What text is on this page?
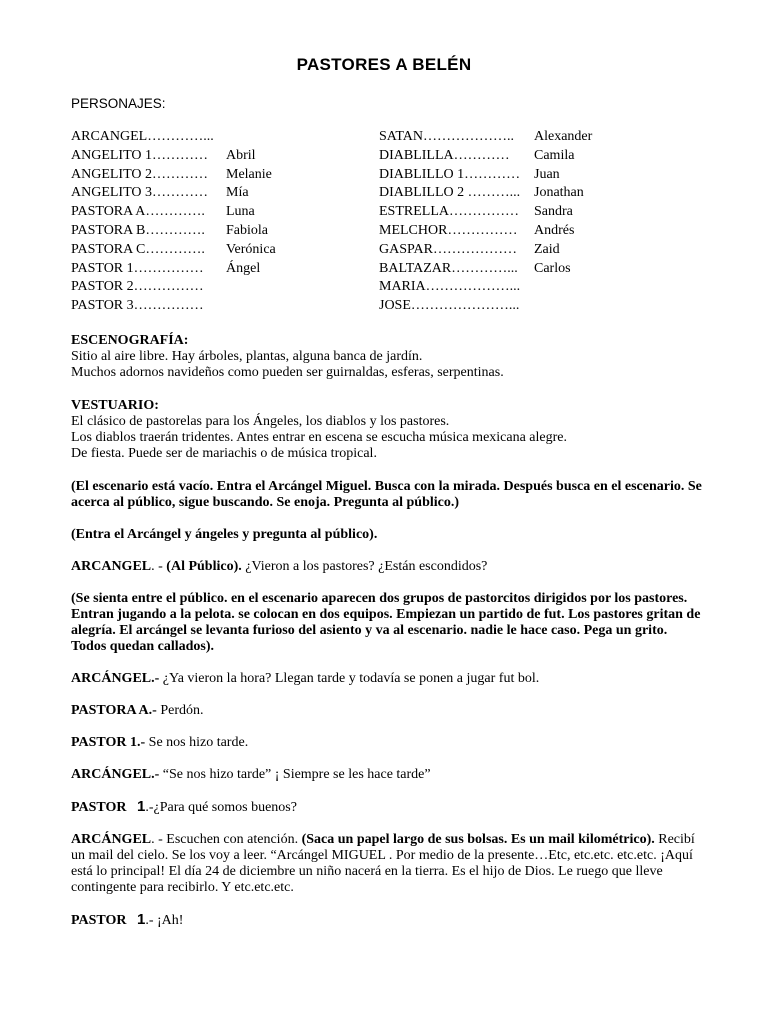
PASTORES A BELÉN
PERSONAJES:
ARCANGEL…………...
ANGELITO 1………… Abril
ANGELITO 2………… Melanie
ANGELITO 3………… Mía
PASTORA A…………. Luna
PASTORA B…………. Fabiola
PASTORA C…………. Verónica
PASTOR 1…………… Ángel
PASTOR 2……………
PASTOR 3……………
SATAN……………….. Alexander
DIABLILLA………… Camila
DIABLILLO 1………… Juan
DIABLILLO 2 ………... Jonathan
ESTRELLA…………… Sandra
MELCHOR…………… Andrés
GASPAR……………… Zaid
BALTAZAR…………... Carlos
MARIA………………...
JOSE…………………...

ESCENOGRAFÍA:

Sitio al aire libre. Hay árboles, plantas, alguna banca de jardín.

Muchos adornos navideños como pueden ser guirnaldas, esferas, serpentinas.

VESTUARIO:

El clásico de pastorelas para los Ángeles, los diablos y los pastores.

Los diablos traerán tridentes. Antes entrar en escena se escucha música mexicana alegre.

De fiesta. Puede ser de mariachis o de música tropical.

(El escenario está vacío. Entra el Arcángel Miguel. Busca con la mirada. Después busca en el escenario. Se

acerca al público, sigue buscando. Se enoja. Pregunta al público.)

(Entra el Arcángel y ángeles y pregunta al público).

ARCANGEL. - (Al Público). ¿Vieron a los pastores? ¿Están escondidos?

(Se sienta entre el público. en el escenario aparecen dos grupos de pastorcitos dirigidos por los pastores.

Entran jugando a la pelota. se colocan en dos equipos. Empiezan un partido de fut. Los pastores gritan de

alegría. El arcángel se levanta furioso del asiento y va al escenario. nadie le hace caso. Pega un grito.

Todos quedan callados).

ARCÁNGEL.- ¿Ya vieron la hora? Llegan tarde y todavía se ponen a jugar fut bol.

PASTORA A.- Perdón.

PASTOR 1.- Se nos hizo tarde.

ARCÁNGEL.- “Se nos hizo tarde” ¡ Siempre se les hace tarde”

PASTOR 1.-¿Para qué somos buenos?

ARCÁNGEL. - Escuchen con atención. (Saca un papel largo de sus bolsas. Es un mail kilométrico). Recibí

un mail del cielo. Se los voy a leer. “Arcángel MIGUEL . Por medio de la presente…Etc, etc.etc. etc.etc. ¡Aquí

está lo principal! El día 24 de diciembre un niño nacerá en la tierra. Es el hijo de Dios. Le ruego que lleve

contingente para recibirlo. Y etc.etc.etc.

PASTOR 1.- ¡Ah!
